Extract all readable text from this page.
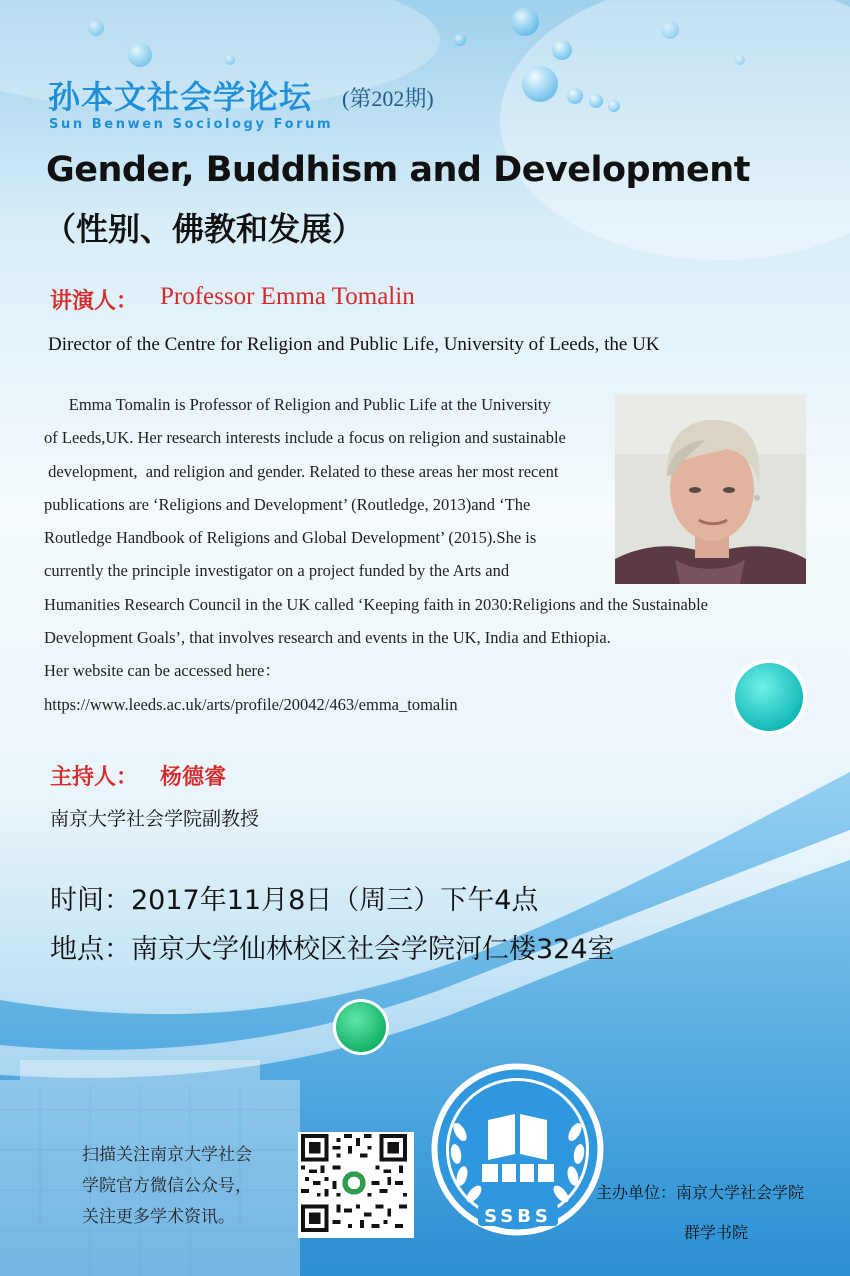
孙本文社会学论坛 (第202期)
Sun Benwen Sociology Forum
Gender, Buddhism and Development
（性别、佛教和发展）
讲演人： Professor Emma Tomalin
Director of the Centre for Religion and Public Life, University of Leeds, the UK
Emma Tomalin is Professor of Religion and Public Life at the University
of Leeds,UK. Her research interests include a focus on religion and sustainable
development,  and religion and gender. Related to these areas her most recent
publications are ‘Religions and Development’ (Routledge, 2013)and ‘The
Routledge Handbook of Religions and Global Development’ (2015).She is
currently the principle investigator on a project funded by the Arts and
Humanities Research Council in the UK called ‘Keeping faith in 2030:Religions and the Sustainable
Development Goals’, that involves research and events in the UK, India and Ethiopia.
Her website can be accessed here：
https://www.leeds.ac.uk/arts/profile/20042/463/emma_tomalin
主持人： 杨德睿
南京大学社会学院副教授
时间：2017年11月8日（周三）下午4点
地点：南京大学仙林校区社会学院河仁楼324室
扫描关注南京大学社会
学院官方微信公众号，
关注更多学术资讯。	SSBS
主办单位：南京大学社会学院
群学书院
